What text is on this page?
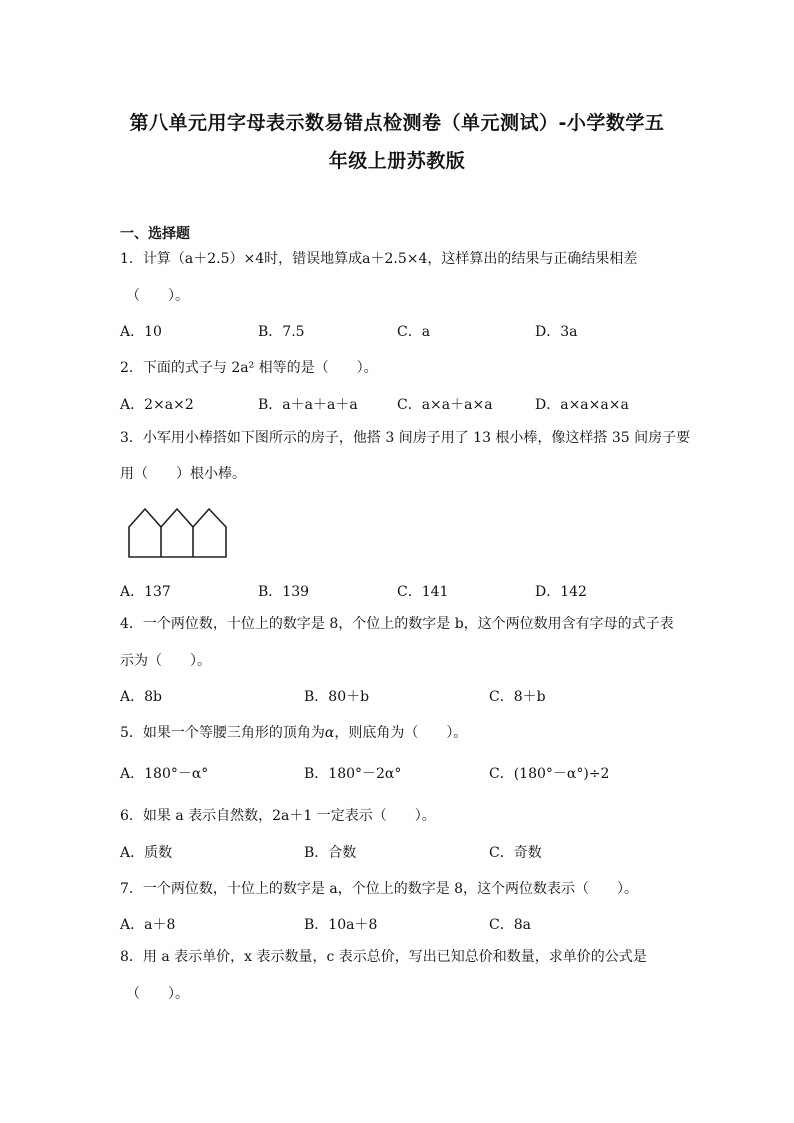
第八单元用字母表示数易错点检测卷（单元测试）-小学数学五
年级上册苏教版

一、选择题

1．计算（a＋2.5）×4时，错误地算成a＋2.5×4，这样算出的结果与正确结果相差

（　　）。

A．10	B．7.5	C．a	D．3a

2．下面的式子与 2a² 相等的是（　　）。

A．2×a×2	B．a＋a＋a＋a	C．a×a＋a×a	D．a×a×a×a

3．小军用小棒搭如下图所示的房子，他搭 3 间房子用了 13 根小棒，像这样搭 35 间房子要

用（　　）根小棒。

A．137	B．139	C．141	D．142

4．一个两位数，十位上的数字是 8，个位上的数字是 b，这个两位数用含有字母的式子表

示为（　　）。

A．8b	B．80＋b	C．8＋b

5．如果一个等腰三角形的顶角为α，则底角为（　　）。

A．180°－α°	B．180°－2α°	C．(180°－α°)÷2

6．如果 a 表示自然数，2a＋1 一定表示（　　）。

A．质数	B．合数	C．奇数

7．一个两位数，十位上的数字是 a，个位上的数字是 8，这个两位数表示（　　）。

A．a＋8	B．10a＋8	C．8a

8．用 a 表示单价，x 表示数量，c 表示总价，写出已知总价和数量，求单价的公式是

（　　）。
